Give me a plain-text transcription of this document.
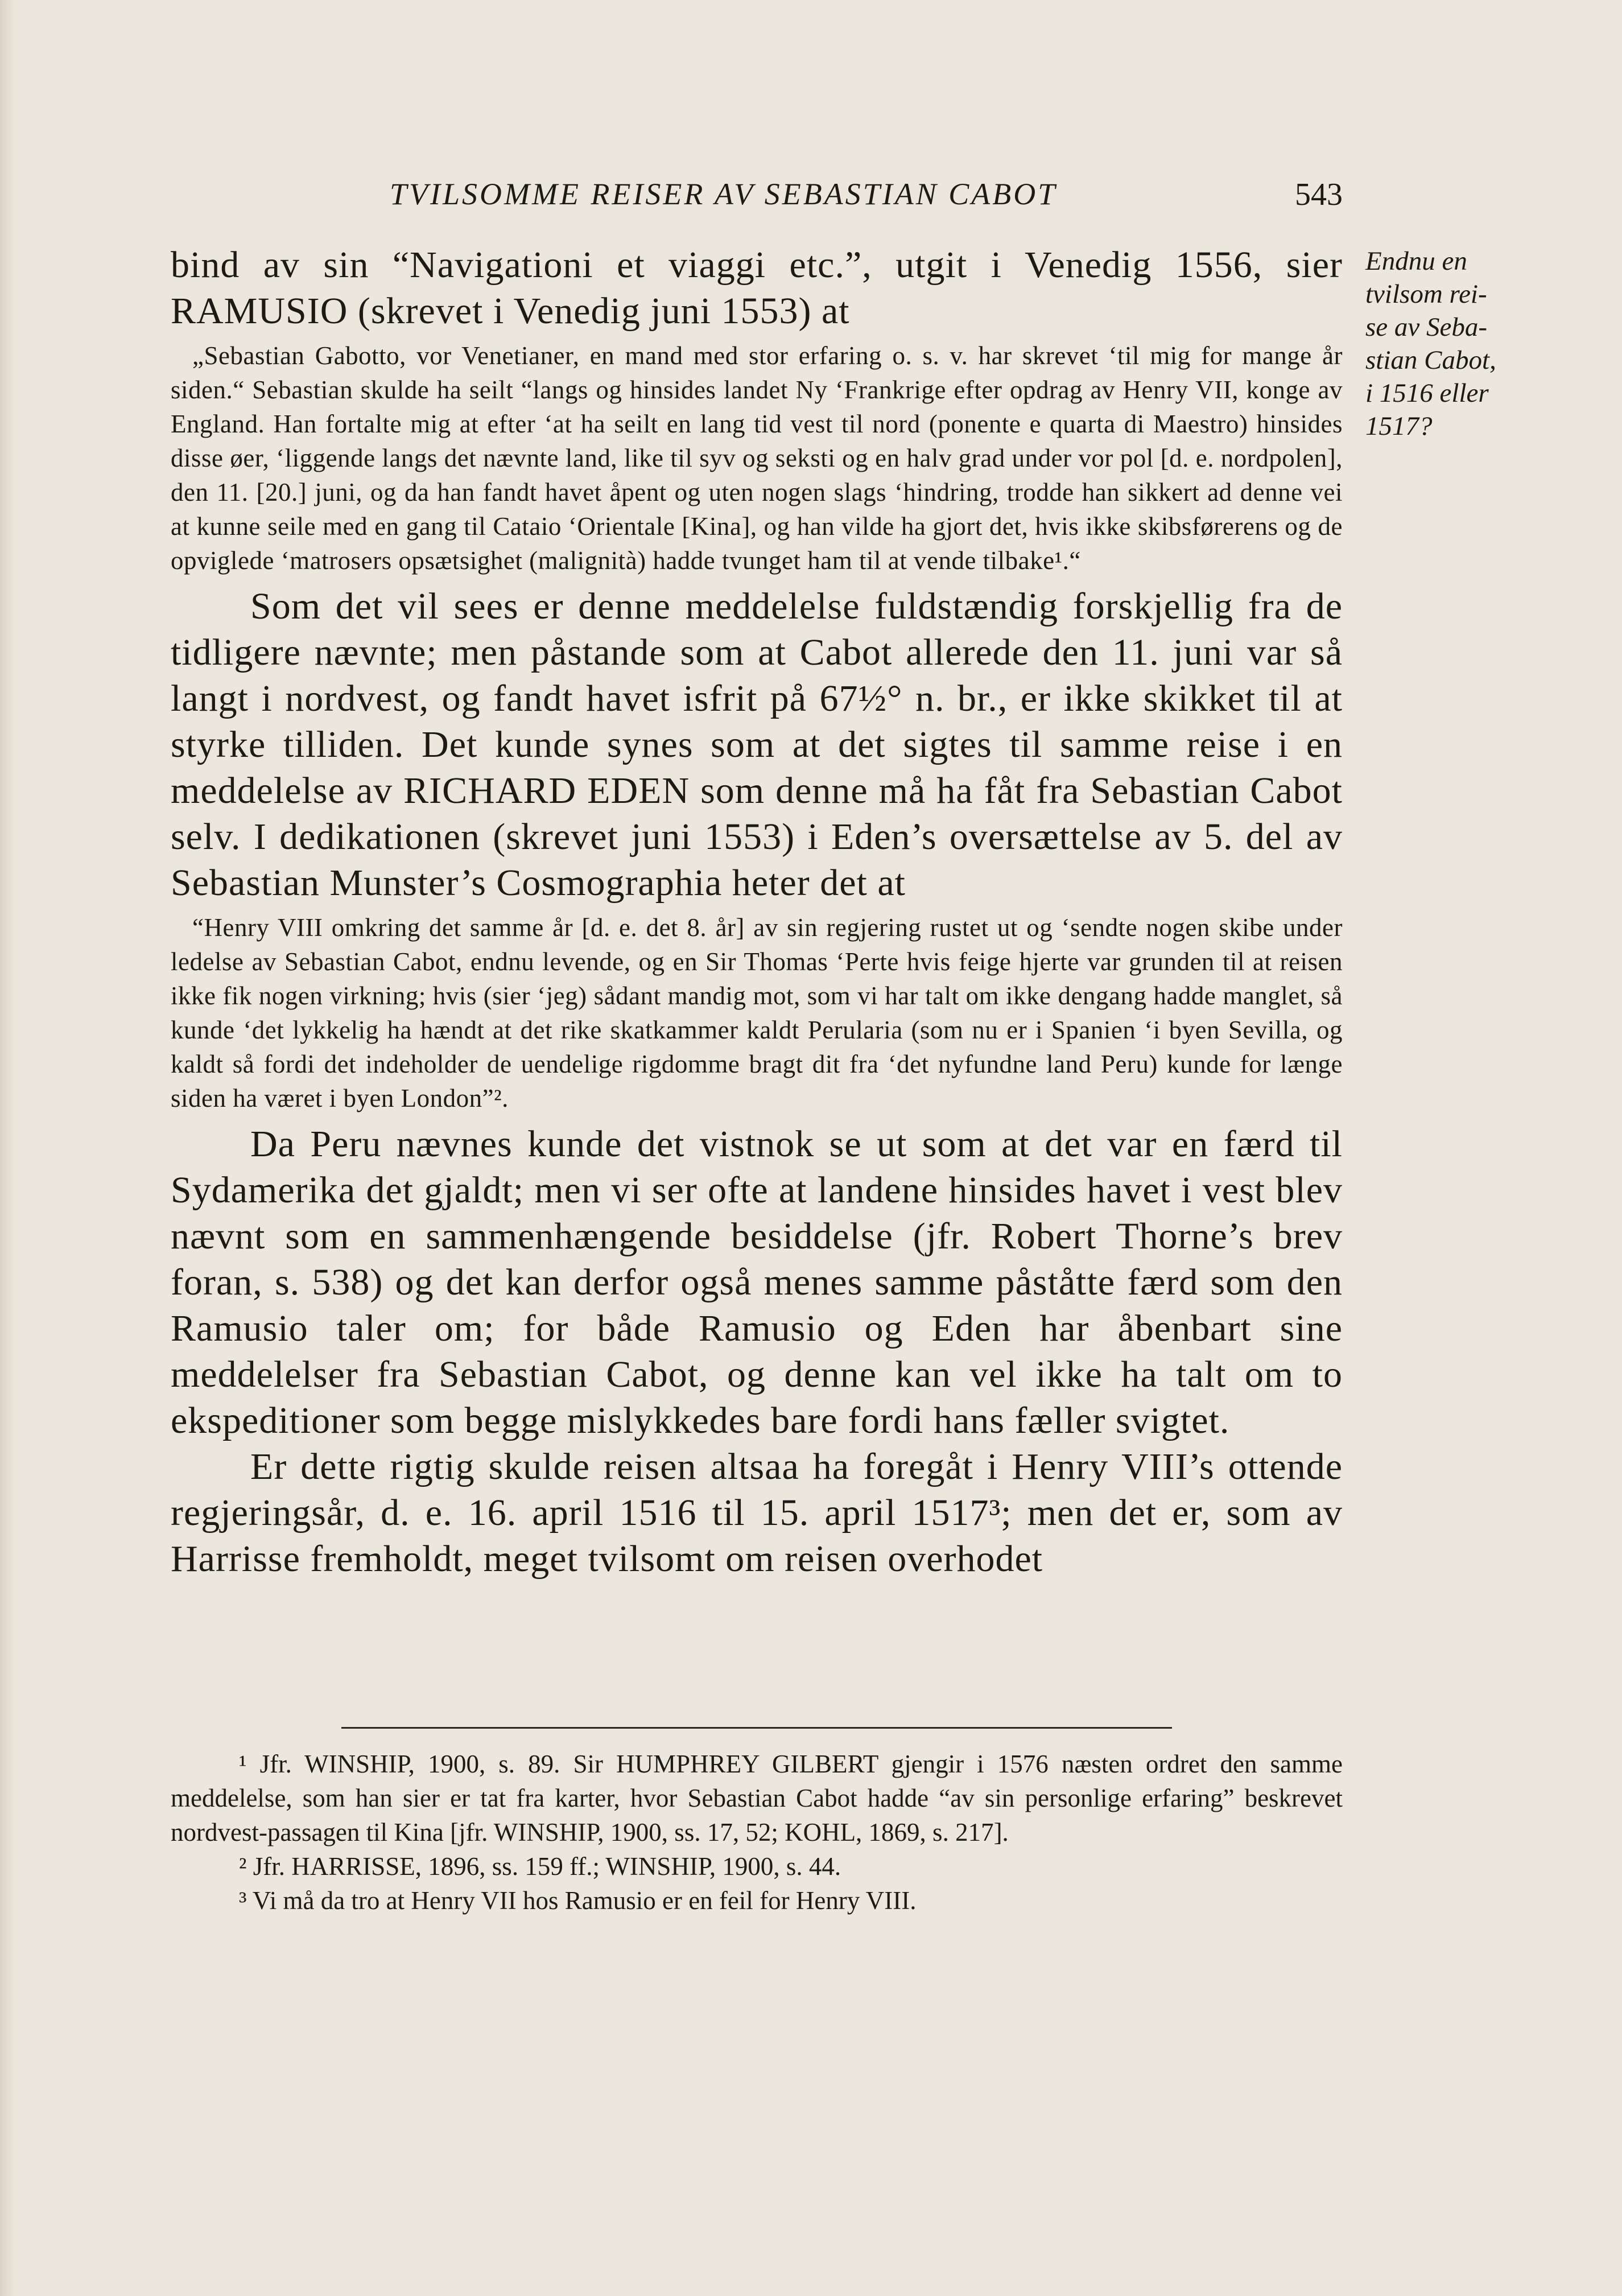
TVILSOMME REISER AV SEBASTIAN CABOT	543
Endnu en
tvilsom rei-
se av Seba-
stian Cabot,
i 1516 eller
1517?

bind av sin “Navigationi et viaggi etc.”, utgit i Venedig 1556, sier RAMUSIO (skrevet i Venedig juni 1553) at

„Sebastian Gabotto, vor Venetianer, en mand med stor erfaring o. s. v. har skrevet ‘til mig for mange år siden.“ Sebastian skulde ha seilt “langs og hinsides landet Ny ‘Frankrige efter opdrag av Henry VII, konge av England. Han fortalte mig at efter ‘at ha seilt en lang tid vest til nord (ponente e quarta di Maestro) hinsides disse øer, ‘liggende langs det nævnte land, like til syv og seksti og en halv grad under vor pol [d. e. nordpolen], den 11. [20.] juni, og da han fandt havet åpent og uten nogen slags ‘hindring, trodde han sikkert ad denne vei at kunne seile med en gang til Cataio ‘Orientale [Kina], og han vilde ha gjort det, hvis ikke skibsførerens og de opviglede ‘matrosers opsætsighet (malignità) hadde tvunget ham til at vende tilbake¹.“

Som det vil sees er denne meddelelse fuldstændig forskjellig fra de tidligere nævnte; men påstande som at Cabot allerede den 11. juni var så langt i nordvest, og fandt havet isfrit på 67½° n. br., er ikke skikket til at styrke tilliden. Det kunde synes som at det sigtes til samme reise i en meddelelse av RICHARD EDEN som denne må ha fåt fra Sebastian Cabot selv. I dedikationen (skrevet juni 1553) i Eden’s oversættelse av 5. del av Sebastian Munster’s Cosmographia heter det at

“Henry VIII omkring det samme år [d. e. det 8. år] av sin regjering rustet ut og ‘sendte nogen skibe under ledelse av Sebastian Cabot, endnu levende, og en Sir Thomas ‘Perte hvis feige hjerte var grunden til at reisen ikke fik nogen virkning; hvis (sier ‘jeg) sådant mandig mot, som vi har talt om ikke dengang hadde manglet, så kunde ‘det lykkelig ha hændt at det rike skatkammer kaldt Perularia (som nu er i Spanien ‘i byen Sevilla, og kaldt så fordi det indeholder de uendelige rigdomme bragt dit fra ‘det nyfundne land Peru) kunde for længe siden ha været i byen London”².

Da Peru nævnes kunde det vistnok se ut som at det var en færd til Sydamerika det gjaldt; men vi ser ofte at landene hinsides havet i vest blev nævnt som en sammenhængende besiddelse (jfr. Robert Thorne’s brev foran, s. 538) og det kan derfor også menes samme påståtte færd som den Ramusio taler om; for både Ramusio og Eden har åbenbart sine meddelelser fra Sebastian Cabot, og denne kan vel ikke ha talt om to ekspeditioner som begge mislykkedes bare fordi hans fæller svigtet.

Er dette rigtig skulde reisen altsaa ha foregåt i Henry VIII’s ottende regjeringsår, d. e. 16. april 1516 til 15. april 1517³; men det er, som av Harrisse fremholdt, meget tvilsomt om reisen overhodet

¹ Jfr. WINSHIP, 1900, s. 89. Sir HUMPHREY GILBERT gjengir i 1576 næsten ordret den samme meddelelse, som han sier er tat fra karter, hvor Sebastian Cabot hadde “av sin personlige erfaring” beskrevet nordvest-passagen til Kina [jfr. WINSHIP, 1900, ss. 17, 52; KOHL, 1869, s. 217].

² Jfr. HARRISSE, 1896, ss. 159 ff.; WINSHIP, 1900, s. 44.

³ Vi må da tro at Henry VII hos Ramusio er en feil for Henry VIII.
